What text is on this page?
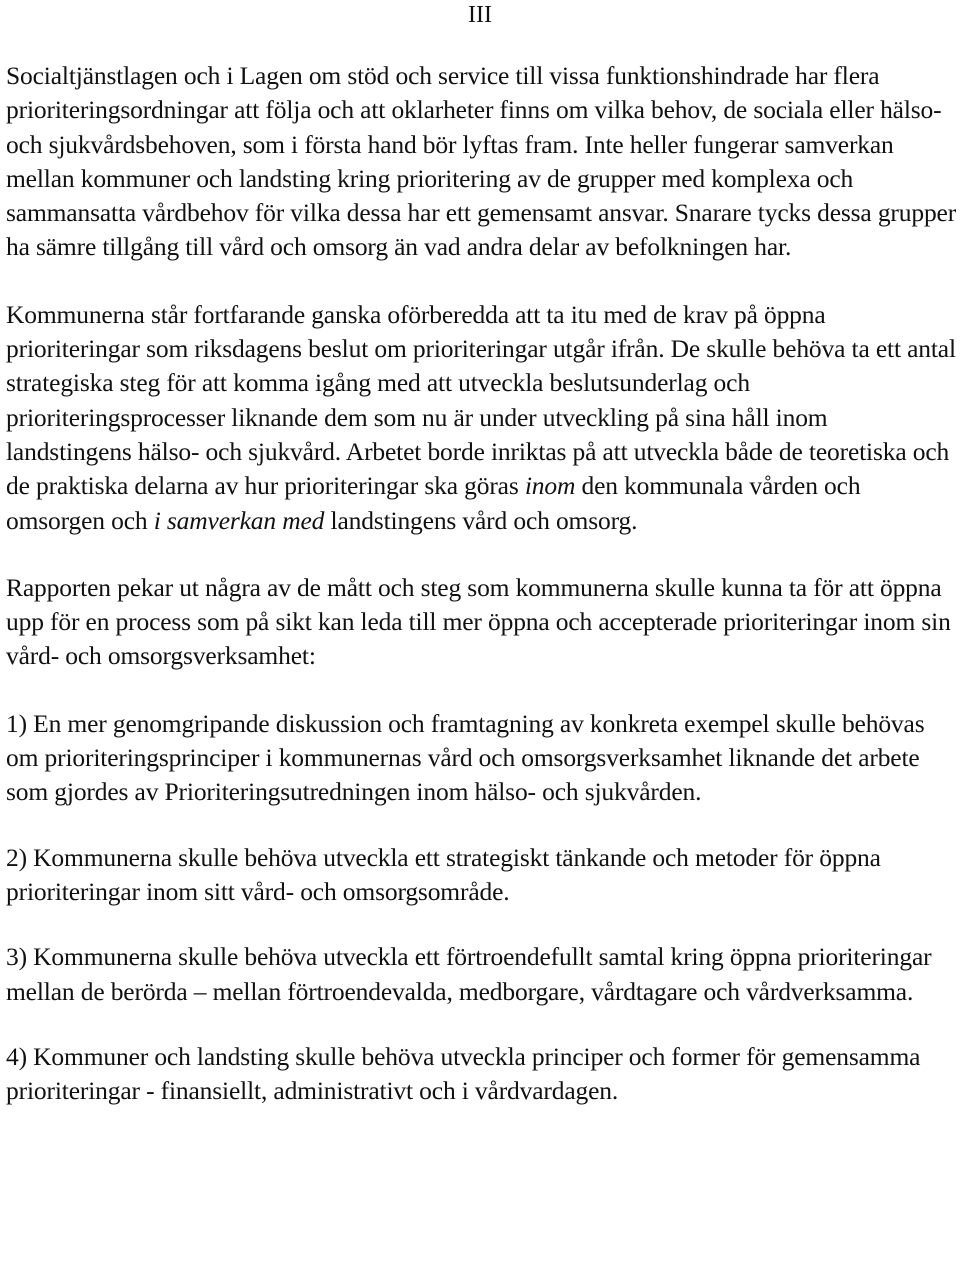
III

Socialtjänstlagen och i Lagen om stöd och service till vissa funktionshindrade har flera prioriteringsordningar att följa och att oklarheter finns om vilka behov, de sociala eller hälso- och sjukvårdsbehoven, som i första hand bör lyftas fram. Inte heller fungerar samverkan mellan kommuner och landsting kring prioritering av de grupper med komplexa och sammansatta vårdbehov för vilka dessa har ett gemensamt ansvar. Snarare tycks dessa grupper ha sämre tillgång till vård och omsorg än vad andra delar av befolkningen har.

Kommunerna står fortfarande ganska oförberedda att ta itu med de krav på öppna prioriteringar som riksdagens beslut om prioriteringar utgår ifrån. De skulle behöva ta ett antal strategiska steg för att komma igång med att utveckla beslutsunderlag och prioriteringsprocesser liknande dem som nu är under utveckling på sina håll inom landstingens hälso- och sjukvård. Arbetet borde inriktas på att utveckla både de teoretiska och de praktiska delarna av hur prioriteringar ska göras inom den kommunala vården och omsorgen och i samverkan med landstingens vård och omsorg.

Rapporten pekar ut några av de mått och steg som kommunerna skulle kunna ta för att öppna upp för en process som på sikt kan leda till mer öppna och accepterade prioriteringar inom sin vård- och omsorgsverksamhet:

1) En mer genomgripande diskussion och framtagning av konkreta exempel skulle behövas om prioriteringsprinciper i kommunernas vård och omsorgsverksamhet liknande det arbete som gjordes av Prioriteringsutredningen inom hälso- och sjukvården.

2) Kommunerna skulle behöva utveckla ett strategiskt tänkande och metoder för öppna prioriteringar inom sitt vård- och omsorgsområde.

3) Kommunerna skulle behöva utveckla ett förtroendefullt samtal kring öppna prioriteringar mellan de berörda – mellan förtroendevalda, medborgare, vårdtagare och vårdverksamma.

4) Kommuner och landsting skulle behöva utveckla principer och former för gemensamma prioriteringar - finansiellt, administrativt och i vårdvardagen.
